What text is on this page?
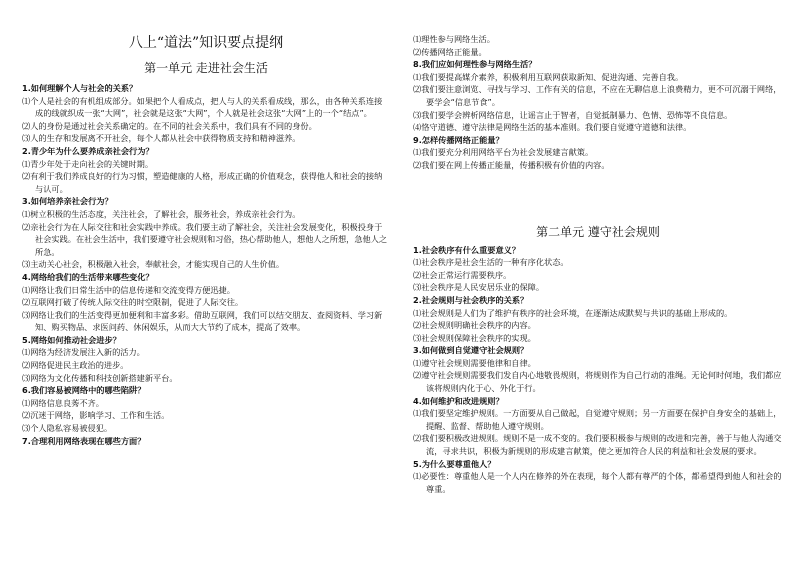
八上“道法”知识要点提纲
第一单元 走进社会生活
1.如何理解个人与社会的关系？
⑴个人是社会的有机组成部分。如果把个人看成点，把人与人的关系看成线，那么，由各种关系连接成的线就织成一张“大网”，社会就是这张“大网”，个人就是社会这张“大网”上的一个“结点”。
⑵人的身份是通过社会关系确定的。在不同的社会关系中，我们具有不同的身份。
⑶人的生存和发展离不开社会，每个人都从社会中获得物质支持和精神滋养。
2.青少年为什么要养成亲社会行为？
⑴青少年处于走向社会的关键时期。
⑵有利于我们养成良好的行为习惯，塑造健康的人格，形成正确的价值观念，获得他人和社会的接纳与认可。
3.如何培养亲社会行为？
⑴树立积极的生活态度，关注社会，了解社会，服务社会，养成亲社会行为。
⑵亲社会行为在人际交往和社会实践中养成。我们要主动了解社会，关注社会发展变化，积极投身于社会实践。在社会生活中，我们要遵守社会规则和习俗，热心帮助他人，想他人之所想，急他人之所急。
⑶主动关心社会，积极融入社会，奉献社会，才能实现自己的人生价值。
4.网络给我们的生活带来哪些变化？
⑴网络让我们日常生活中的信息传递和交流变得方便迅捷。
⑵互联网打破了传统人际交往的时空限制，促进了人际交往。
⑶网络让我们的生活变得更加便利和丰富多彩。借助互联网，我们可以结交朋友、查阅资料、学习新知、购买物品、求医问药、休闲娱乐，从而大大节约了成本，提高了效率。
5.网络如何推动社会进步？
⑴网络为经济发展注入新的活力。
⑵网络促进民主政治的进步。
⑶网络为文化传播和科技创新搭建新平台。
6.我们容易被网络中的哪些陷阱？
⑴网络信息良莠不齐。
⑵沉迷于网络，影响学习、工作和生活。
⑶个人隐私容易被侵犯。
7.合理利用网络表现在哪些方面？
⑴理性参与网络生活。
⑵传播网络正能量。
8.我们应如何理性参与网络生活？
⑴我们要提高媒介素养，积极利用互联网获取新知、促进沟通、完善自我。
⑵我们要注意浏览、寻找与学习、工作有关的信息，不应在无聊信息上浪费精力，更不可沉溺于网络，要学会“信息节食”。
⑶我们要学会辨析网络信息，让谣言止于智者，自觉抵制暴力、色情、恐怖等不良信息。
⑷恪守道德、遵守法律是网络生活的基本准则。我们要自觉遵守道德和法律。
9.怎样传播网络正能量？
⑴我们要充分利用网络平台为社会发展建言献策。
⑵我们要在网上传播正能量，传播积极有价值的内容。
第二单元 遵守社会规则
1.社会秩序有什么重要意义？
⑴社会秩序是社会生活的一种有序化状态。
⑵社会正常运行需要秩序。
⑶社会秩序是人民安居乐业的保障。
2.社会规则与社会秩序的关系？
⑴社会规则是人们为了维护有秩序的社会环境，在逐渐达成默契与共识的基础上形成的。
⑵社会规则明确社会秩序的内容。
⑶社会规则保障社会秩序的实现。
3.如何做到自觉遵守社会规则？
⑴遵守社会规则需要他律和自律。
⑵遵守社会规则需要我们发自内心地敬畏规则，将规则作为自己行动的准绳。无论何时何地，我们都应该将规则内化于心、外化于行。
4.如何维护和改进规则？
⑴我们要坚定维护规则。一方面要从自己做起，自觉遵守规则；另一方面要在保护自身安全的基础上，提醒、监督、帮助他人遵守规则。
⑵我们要积极改进规则。规则不是一成不变的。我们要积极参与规则的改进和完善，善于与他人沟通交流，寻求共识，积极为新规则的形成建言献策，使之更加符合人民的利益和社会发展的要求。
5.为什么要尊重他人？
⑴必要性：尊重他人是一个人内在修养的外在表现，每个人都有尊严的个体，都希望得到他人和社会的尊重。
